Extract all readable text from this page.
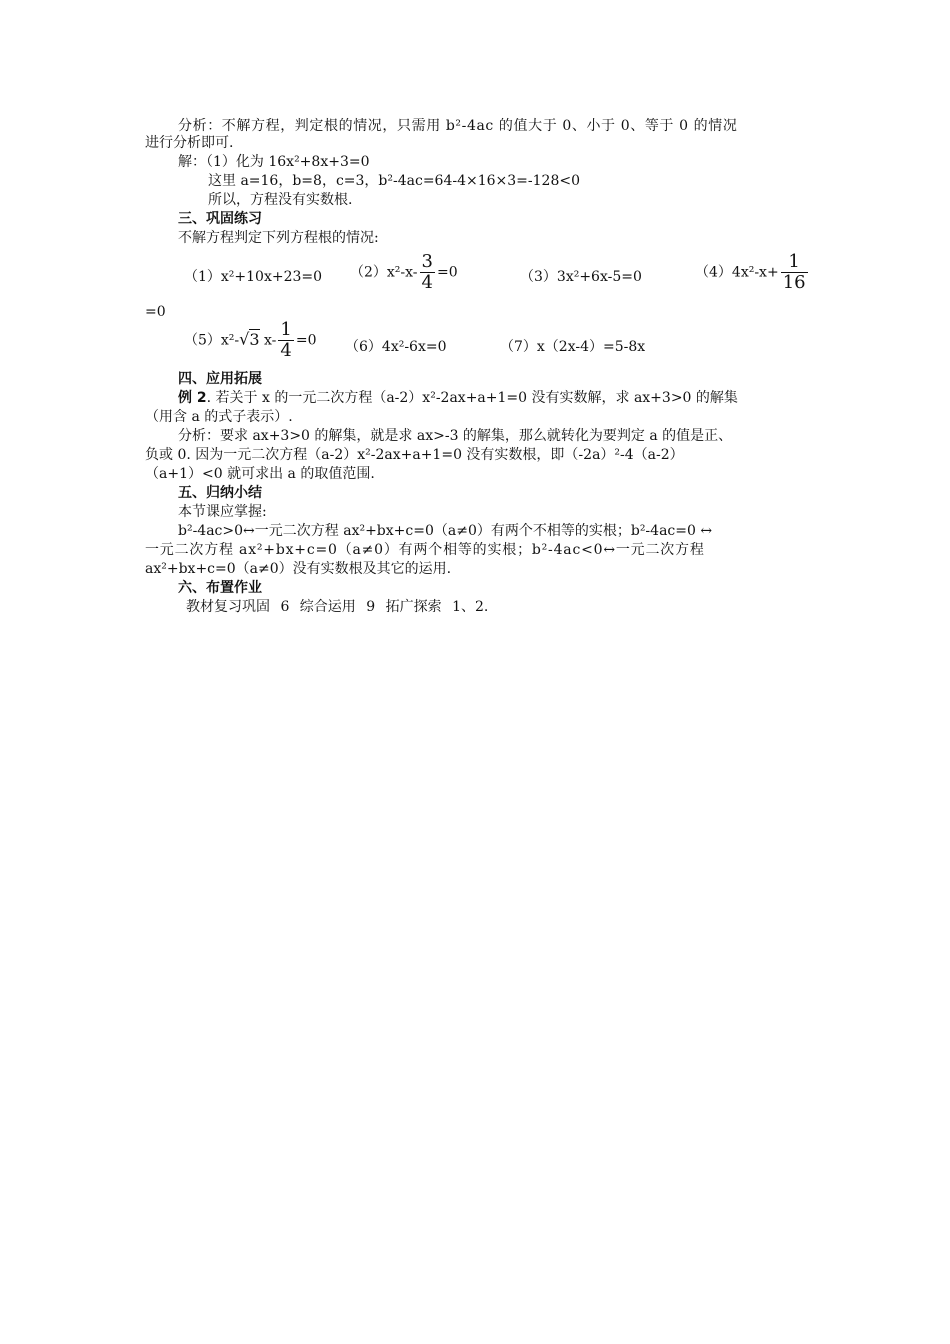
分析：不解方程，判定根的情况，只需用 b²-4ac 的值大于 0、小于 0、等于 0 的情况
进行分析即可.
解：（1）化为 16x²+8x+3=0
这里 a=16，b=8，c=3，b²-4ac=64-4×16×3=-128<0
所以，方程没有实数根.
三、巩固练习
不解方程判定下列方程根的情况:
（1）x²+10x+23=0 $(2)x^2-x- \frac{3}{4} =0$	（3）3x²+6x-5=0	$(4)4x^2-x+ \frac{1}{16}$
=0
（5）x²-√3 $x- \frac{1}{4} =0$ （6）4x²-6x=0	（7）x（2x-4）=5-8x
四、应用拓展
例 2. 若关于 x 的一元二次方程（a-2）x²-2ax+a+1=0 没有实数解，求 ax+3>0 的解集
（用含 a 的式子表示）.
分析：要求 ax+3>0 的解集，就是求 ax>-3 的解集，那么就转化为要判定 a 的值是正、
负或 0. 因为一元二次方程（a-2）x²-2ax+a+1=0 没有实数根，即（-2a）²-4（a-2）
（a+1）<0 就可求出 a 的取值范围.
五、归纳小结
本节课应掌握:
b²-4ac>0↔一元二次方程 ax²+bx+c=0（a≠0）有两个不相等的实根；b²-4ac=0 ↔
一元二次方程 ax²+bx+c=0（a≠0）有两个相等的实根；b²-4ac<0↔一元二次方程
ax²+bx+c=0（a≠0）没有实数根及其它的运用.
六、布置作业
教材复习巩固 6 综合运用 9 拓广探索 1、2.
